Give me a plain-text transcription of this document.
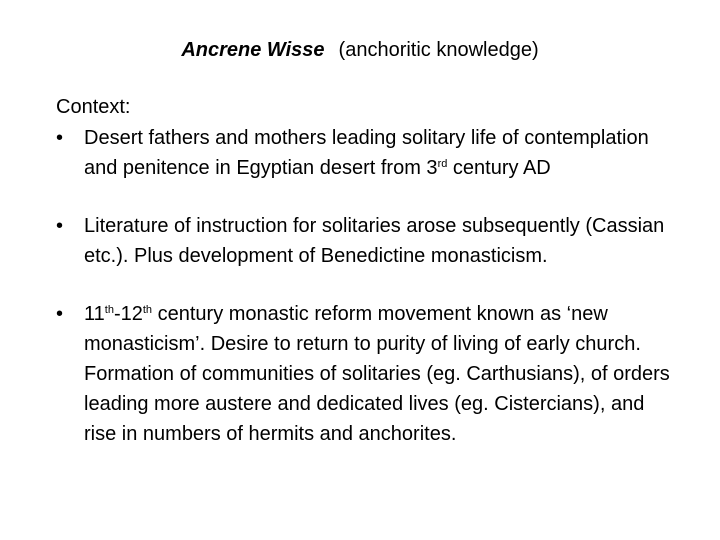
Ancrene Wisse (anchoritic knowledge)
Context:
• Desert fathers and mothers leading solitary life of contemplation and penitence in Egyptian desert from 3rd century AD
• Literature of instruction for solitaries arose subsequently (Cassian etc.). Plus development of Benedictine monasticism.
• 11th-12th century monastic reform movement known as ‘new monasticism’. Desire to return to purity of living of early church. Formation of communities of solitaries (eg. Carthusians), of orders leading more austere and dedicated lives (eg. Cistercians), and rise in numbers of hermits and anchorites.
